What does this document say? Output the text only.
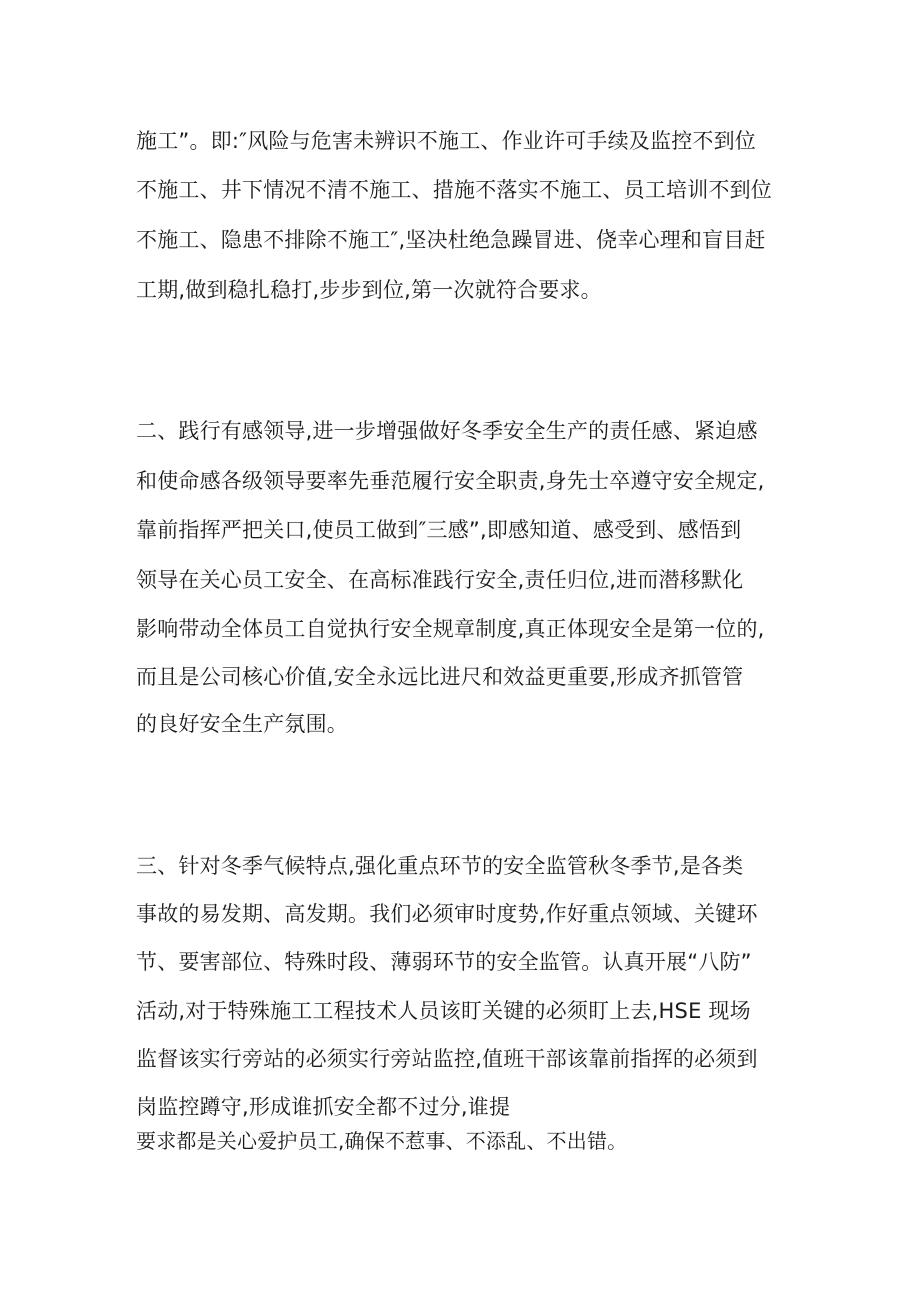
施工”。即:″风险与危害未辨识不施工、作业许可手续及监控不到位
不施工、井下情况不清不施工、措施不落实不施工、员工培训不到位
不施工、隐患不排除不施工″,坚决杜绝急躁冒进、侥幸心理和盲目赶
工期,做到稳扎稳打,步步到位,第一次就符合要求。
二、践行有感领导,进一步增强做好冬季安全生产的责任感、紧迫感
和使命感各级领导要率先垂范履行安全职责,身先士卒遵守安全规定,
靠前指挥严把关口,使员工做到″三感”,即感知道、感受到、感悟到
领导在关心员工安全、在高标准践行安全,责任归位,进而潜移默化
影响带动全体员工自觉执行安全规章制度,真正体现安全是第一位的,
而且是公司核心价值,安全永远比进尺和效益更重要,形成齐抓管管
的良好安全生产氛围。
三、针对冬季气候特点,强化重点环节的安全监管秋冬季节,是各类
事故的易发期、高发期。我们必须审时度势,作好重点领域、关键环
节、要害部位、特殊时段、薄弱环节的安全监管。认真开展“八防”
活动,对于特殊施工工程技术人员该盯关键的必须盯上去,HSE 现场
监督该实行旁站的必须实行旁站监控,值班干部该靠前指挥的必须到
岗监控蹲守,形成谁抓安全都不过分,谁提
要求都是关心爱护员工,确保不惹事、不添乱、不出错。
